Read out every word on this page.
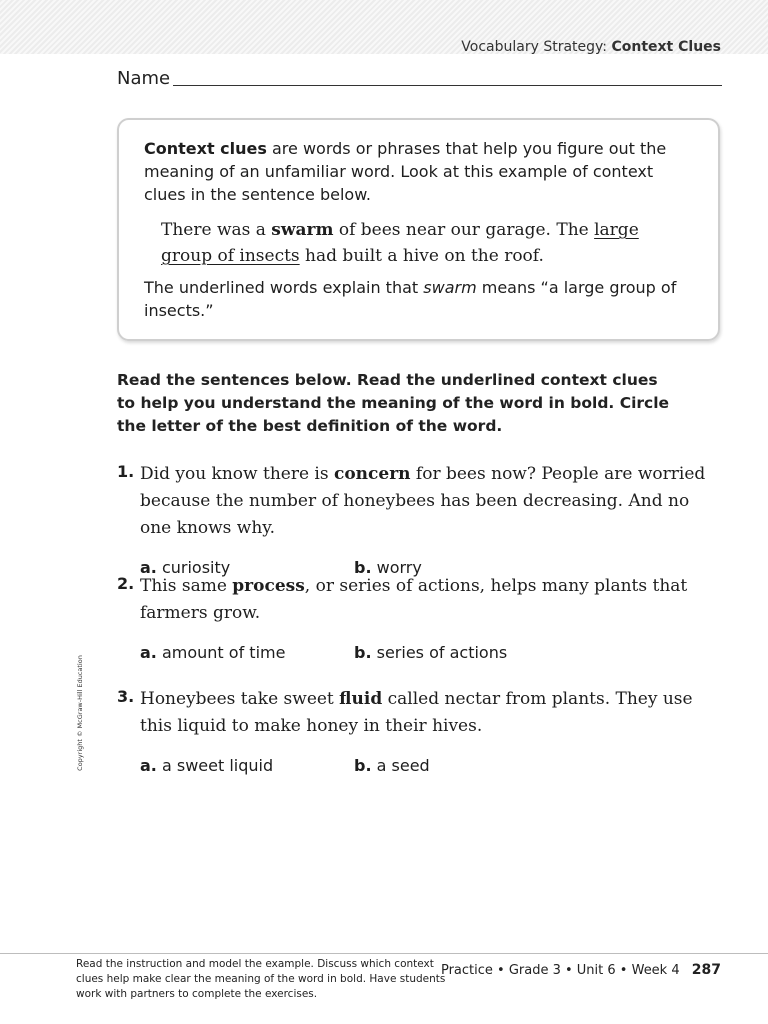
Vocabulary Strategy: Context Clues
Name

Context clues are words or phrases that help you figure out the meaning of an unfamiliar word. Look at this example of context clues in the sentence below.

There was a swarm of bees near our garage. The large group of insects had built a hive on the roof.

The underlined words explain that swarm means “a large group of insects.”

Read the sentences below. Read the underlined context clues to help you understand the meaning of the word in bold. Circle the letter of the best definition of the word.
1. Did you know there is concern for bees now? People are worried because the number of honeybees has been decreasing. And no one knows why.
a. curiosity	b. worry
2. This same process, or series of actions, helps many plants that farmers grow.
a. amount of time	b. series of actions
3. Honeybees take sweet fluid called nectar from plants. They use this liquid to make honey in their hives.
a. a sweet liquid	b. a seed
Copyright © McGraw-Hill Education
Read the instruction and model the example. Discuss which context clues help make clear the meaning of the word in bold. Have students work with partners to complete the exercises.
Practice • Grade 3 • Unit 6 • Week 4 287
